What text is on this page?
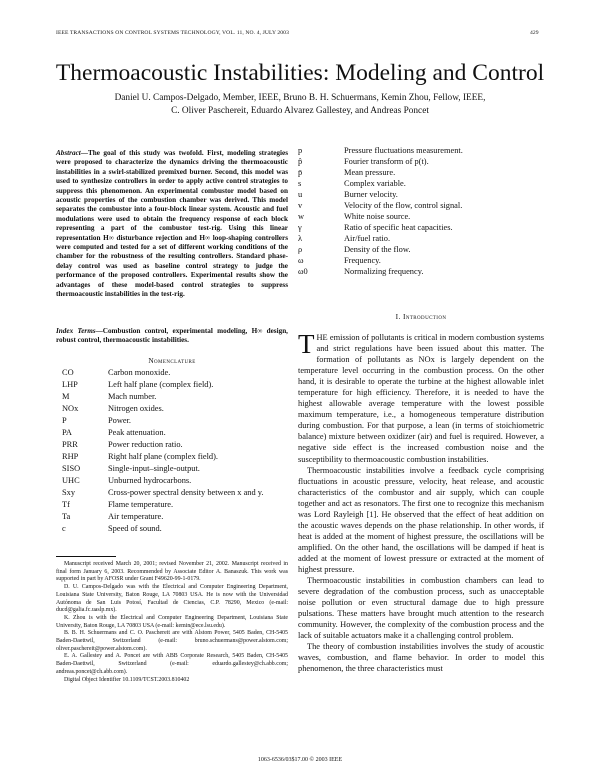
IEEE TRANSACTIONS ON CONTROL SYSTEMS TECHNOLOGY, VOL. 11, NO. 4, JULY 2003	429
Thermoacoustic Instabilities: Modeling and Control
Daniel U. Campos-Delgado, Member, IEEE, Bruno B. H. Schuermans, Kemin Zhou, Fellow, IEEE,
C. Oliver Paschereit, Eduardo Alvarez Gallestey, and Andreas Poncet
Abstract—The goal of this study was twofold. First, modeling strategies were proposed to characterize the dynamics driving the thermoacoustic instabilities in a swirl-stabilized premixed burner. Second, this model was used to synthesize controllers in order to apply active control strategies to suppress this phenomenon. An experimental combustor model based on acoustic properties of the combustion chamber was derived. This model separates the combustor into a four-block linear system. Acoustic and fuel modulations were used to obtain the frequency response of each block representing a part of the combustor test-rig. Using this linear representation H∞ disturbance rejection and H∞ loop-shaping controllers were computed and tested for a set of different working conditions of the chamber for the robustness of the resulting controllers. Standard phase-delay control was used as baseline control strategy to judge the performance of the proposed controllers. Experimental results show the advantages of these model-based control strategies to suppress thermoacoustic instabilities in the test-rig.
Index Terms—Combustion control, experimental modeling, H∞ design, robust control, thermoacoustic instabilities.
Nomenclature
CO	Carbon monoxide.
LHP	Left half plane (complex field).
M	Mach number.
NOx	Nitrogen oxides.
P	Power.
PA	Peak attenuation.
PRR	Power reduction ratio.
RHP	Right half plane (complex field).
SISO	Single-input–single-output.
UHC	Unburned hydrocarbons.
Sxy	Cross-power spectral density between x and y.
Tf	Flame temperature.
Ta	Air temperature.
c	Speed of sound.

Manuscript received March 20, 2001; revised November 21, 2002. Manuscript received in final form January 6, 2003. Recommended by Associate Editor A. Banaszuk. This work was supported in part by AFOSR under Grant F49620-99-1-0179.

D. U. Campos-Delgado was with the Electrical and Computer Engineering Department, Louisiana State University, Baton Rouge, LA 70803 USA. He is now with the Universidad Autónoma de San Luis Potosí, Facultad de Ciencias, C.P. 78290, Mexico (e-mail: ducd@galia.fc.uaslp.mx).

K. Zhou is with the Electrical and Computer Engineering Department, Louisiana State University, Baton Rouge, LA 70803 USA (e-mail: kemin@ece.lsu.edu).

B. B. H. Schuermans and C. O. Paschereit are with Alstom Power, 5405 Baden, CH-5405 Baden-Daettwil, Switzerland (e-mail: bruno.schuermans@power.alstom.com; oliver.paschereit@power.alstom.com).

E. A. Gallestey and A. Poncet are with ABB Corporate Research, 5405 Baden, CH-5405 Baden-Daettwil, Switzerland (e-mail: eduardo.gallestey@ch.abb.com; andreas.poncet@ch.abb.com).

Digital Object Identifier 10.1109/TCST.2003.810402

p	Pressure fluctuations measurement.
p̂	Fourier transform of p(t).
p̄	Mean pressure.
s	Complex variable.
u	Burner velocity.
v	Velocity of the flow, control signal.
w	White noise source.
γ	Ratio of specific heat capacities.
λ	Air/fuel ratio.
ρ	Density of the flow.
ω	Frequency.
ω0	Normalizing frequency.
I. Introduction

THE emission of pollutants is critical in modern combustion systems and strict regulations have been issued about this matter. The formation of pollutants as NOx is largely dependent on the temperature level occurring in the combustion process. On the other hand, it is desirable to operate the turbine at the highest allowable inlet temperature for high efficiency. Therefore, it is needed to have the highest allowable average temperature with the lowest possible maximum temperature, i.e., a homogeneous temperature distribution during combustion. For that purpose, a lean (in terms of stoichiometric balance) mixture between oxidizer (air) and fuel is required. However, a negative side effect is the increased combustion noise and the susceptibility to thermoacoustic combustion instabilities.

Thermoacoustic instabilities involve a feedback cycle comprising fluctuations in acoustic pressure, velocity, heat release, and acoustic characteristics of the combustor and air supply, which can couple together and act as resonators. The first one to recognize this mechanism was Lord Rayleigh [1]. He observed that the effect of heat addition on the acoustic waves depends on the phase relationship. In other words, if heat is added at the moment of highest pressure, the oscillations will be amplified. On the other hand, the oscillations will be damped if heat is added at the moment of lowest pressure or extracted at the moment of highest pressure.

Thermoacoustic instabilities in combustion chambers can lead to severe degradation of the combustion process, such as unacceptable noise pollution or even structural damage due to high pressure pulsations. These matters have brought much attention to the research community. However, the complexity of the combustion process and the lack of suitable actuators make it a challenging control problem.

The theory of combustion instabilities involves the study of acoustic waves, combustion, and flame behavior. In order to model this phenomenon, the three characteristics must

1063-6536/03$17.00 © 2003 IEEE
